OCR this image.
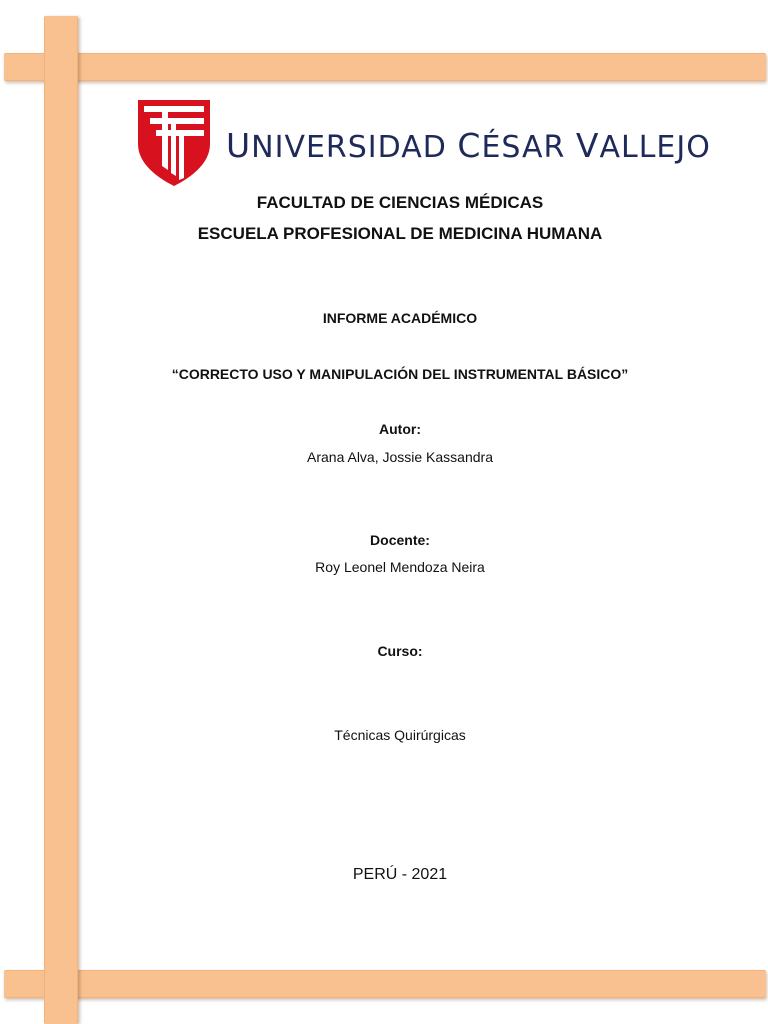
UNIVERSIDAD CÉSAR VALLEJO
FACULTAD DE CIENCIAS MÉDICAS
ESCUELA PROFESIONAL DE MEDICINA HUMANA
INFORME ACADÉMICO
“CORRECTO USO Y MANIPULACIÓN DEL INSTRUMENTAL BÁSICO”
Autor:
Arana Alva, Jossie Kassandra
Docente:
Roy Leonel Mendoza Neira
Curso:
Técnicas Quirúrgicas
PERÚ - 2021
